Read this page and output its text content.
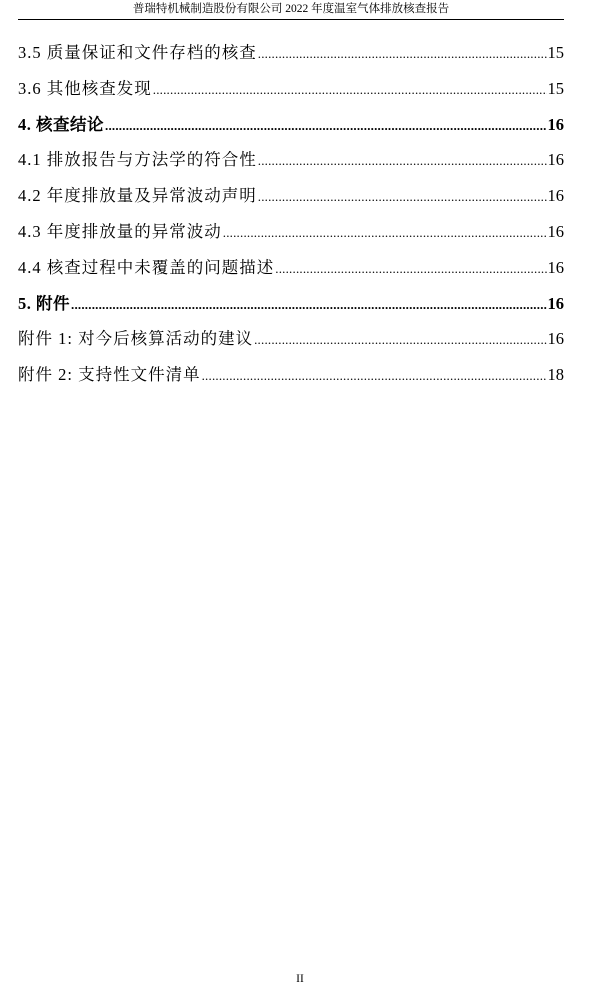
普瑞特机械制造股份有限公司 2022 年度温室气体排放核查报告
3.5 质量保证和文件存档的核查 .....	15
3.6 其他核查发现 .....	15
4. 核查结论 .....	16
4.1 排放报告与方法学的符合性 .....	16
4.2 年度排放量及异常波动声明 .....	16
4.3 年度排放量的异常波动 .....	16
4.4 核查过程中未覆盖的问题描述 .....	16
5. 附件 .....	16
附件 1: 对今后核算活动的建议 .....	16
附件 2: 支持性文件清单 .....	18
II
